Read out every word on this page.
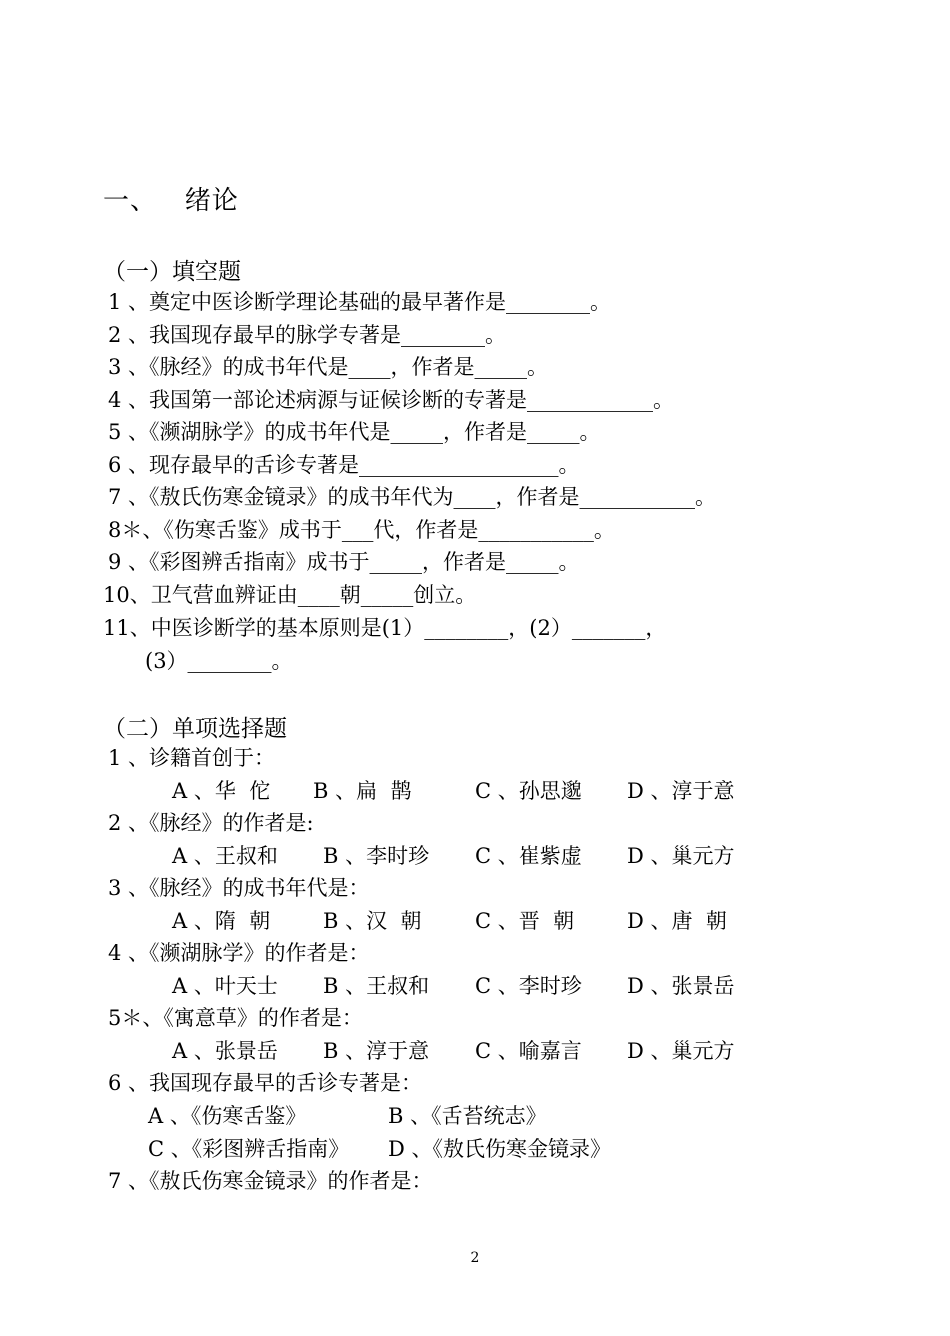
一、   绪论
（一）填空题
1 、奠定中医诊断学理论基础的最早著作是________。
2 、我国现存最早的脉学专著是________。
3 、《脉经》的成书年代是____，作者是_____。
4 、我国第一部论述病源与证候诊断的专著是____________。
5 、《濒湖脉学》的成书年代是_____，作者是_____。
6 、现存最早的舌诊专著是___________________。
7 、《敖氏伤寒金镜录》的成书年代为____，作者是___________。
8＊、《伤寒舌鉴》成书于___代，作者是___________。
9 、《彩图辨舌指南》成书于_____，作者是_____。
10、卫气营血辨证由____朝_____创立。
11、中医诊断学的基本原则是(1）________，(2）_______，
(3）________。
（二）单项选择题
1 、诊籍首创于：
A 、华  佗 B 、扁  鹊	C 、孙思邈 D 、淳于意
2 、《脉经》的作者是:
A 、王叔和 B 、李时珍 C 、崔紫虚 D 、巢元方
3 、《脉经》的成书年代是：
A 、隋  朝	B 、汉  朝	C 、晋  朝	D 、唐  朝
4 、《濒湖脉学》的作者是：
A 、叶天士 B 、王叔和 C 、李时珍 D 、张景岳
5＊、《寓意草》的作者是：
A 、张景岳 B 、淳于意 C 、喻嘉言 D 、巢元方
6 、我国现存最早的舌诊专著是：
A 、《伤寒舌鉴》	B 、《舌苔统志》
C 、《彩图辨舌指南》 D 、《敖氏伤寒金镜录》
7 、《敖氏伤寒金镜录》的作者是：
2
